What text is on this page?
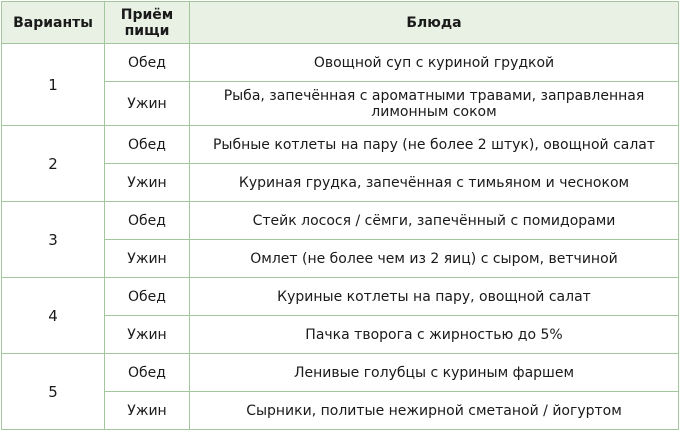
Варианты	Приём пищи	Блюда
1	Обед	Овощной суп с куриной грудкой
	Ужин	Рыба, запечённая с ароматными травами, заправленная лимонным соком
2	Обед	Рыбные котлеты на пару (не более 2 штук), овощной салат
	Ужин	Куриная грудка, запечённая с тимьяном и чесноком
3	Обед	Стейк лосося / сёмги, запечённый с помидорами
	Ужин	Омлет (не более чем из 2 яиц) с сыром, ветчиной
4	Обед	Куриные котлеты на пару, овощной салат
	Ужин	Пачка творога с жирностью до 5%
5	Обед	Ленивые голубцы с куриным фаршем
	Ужин	Сырники, политые нежирной сметаной / йогуртом
